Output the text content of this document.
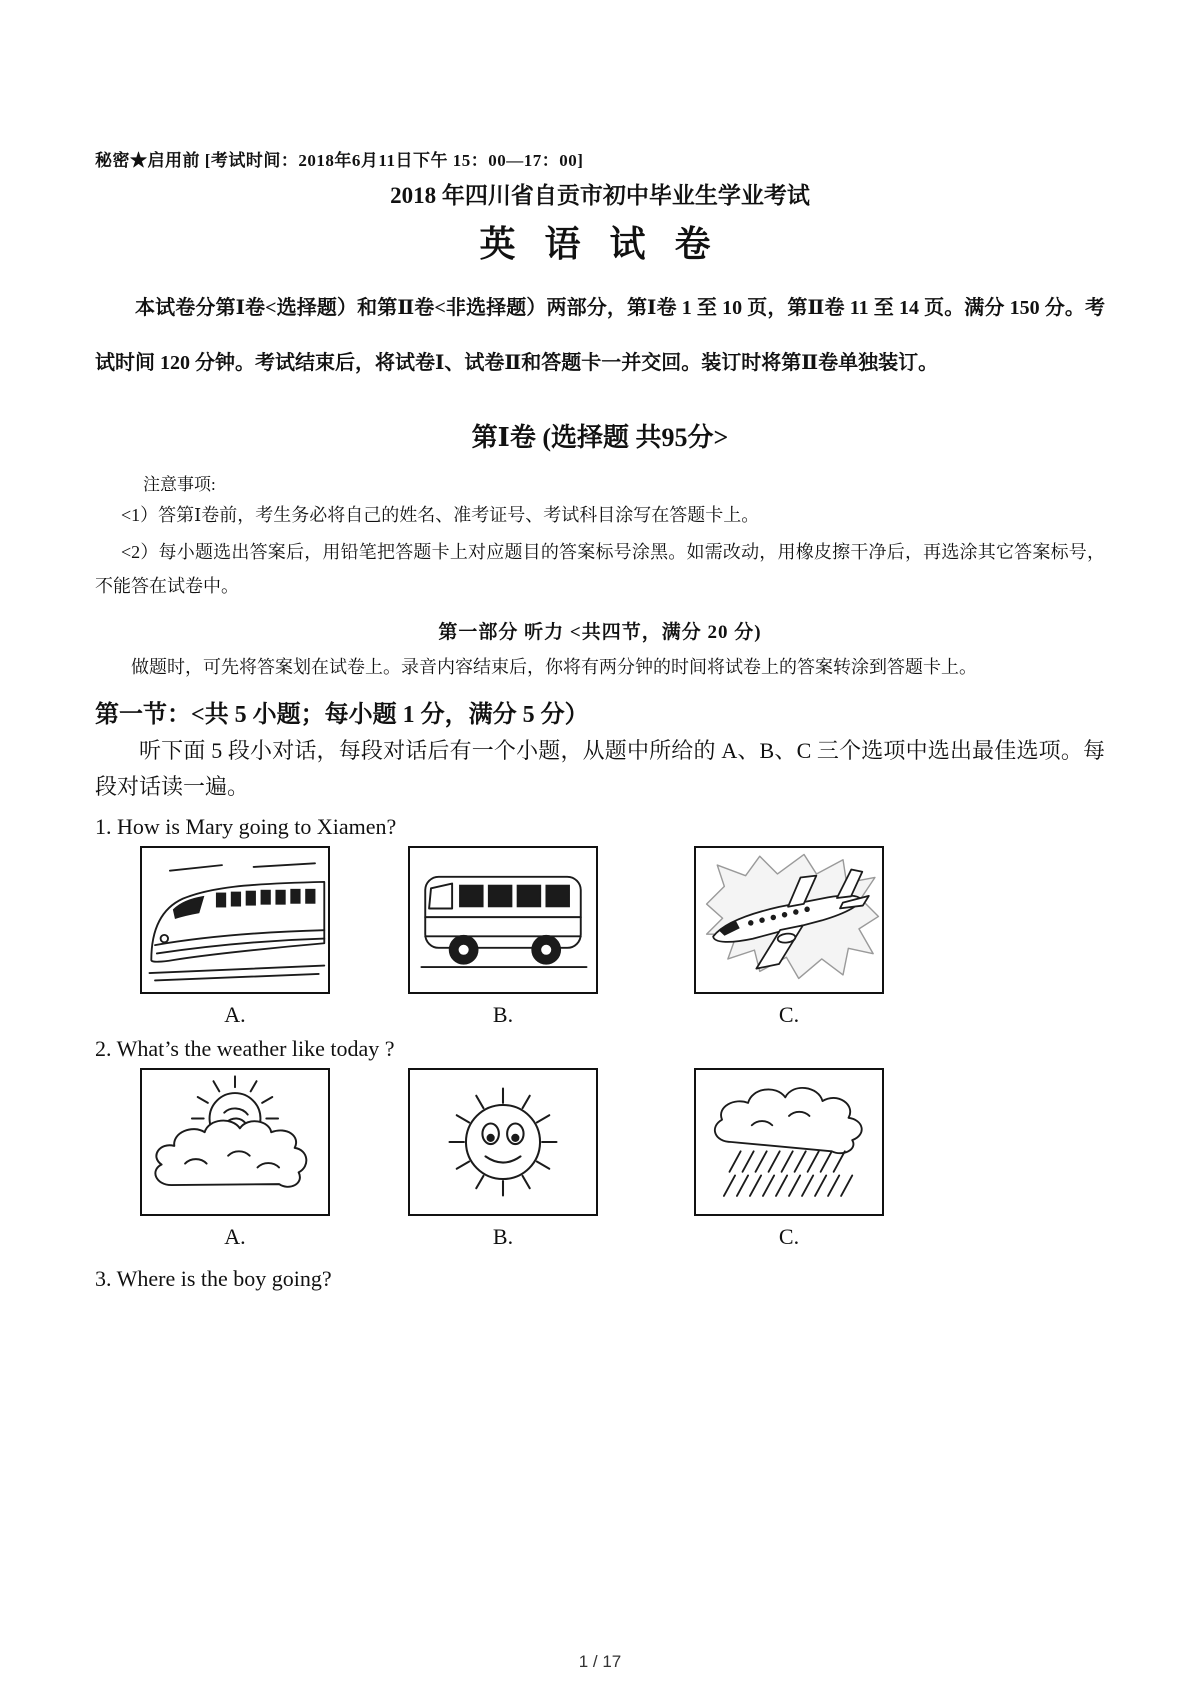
秘密★启用前 [考试时间：2018年6月11日下午 15：00—17：00]
2018 年四川省自贡市初中毕业生学业考试
英 语 试 卷

本试卷分第Ⅰ卷<选择题）和第Ⅱ卷<非选择题）两部分，第Ⅰ卷 1 至 10 页，第Ⅱ卷 11 至 14 页。满分 150 分。考试时间 120 分钟。考试结束后，将试卷Ⅰ、试卷Ⅱ和答题卡一并交回。装订时将第Ⅱ卷单独装订。

第Ⅰ卷 (选择题 共95分>
注意事项:

<1）答第Ⅰ卷前，考生务必将自己的姓名、准考证号、考试科目涂写在答题卡上。

<2）每小题选出答案后，用铅笔把答题卡上对应题目的答案标号涂黑。如需改动，用橡皮擦干净后，再选涂其它答案标号，不能答在试卷中。

第一部分 听力 <共四节，满分 20 分)

做题时，可先将答案划在试卷上。录音内容结束后，你将有两分钟的时间将试卷上的答案转涂到答题卡上。

第一节：<共 5 小题；每小题 1 分，满分 5 分）

听下面 5 段小对话，每段对话后有一个小题，从题中所给的 A、B、C 三个选项中选出最佳选项。每段对话读一遍。

1. How is Mary going to Xiamen?
A.	B.	C.
2. What’s the weather like today ?
A.	B.	C.
3. Where is the boy going?
1 / 17
